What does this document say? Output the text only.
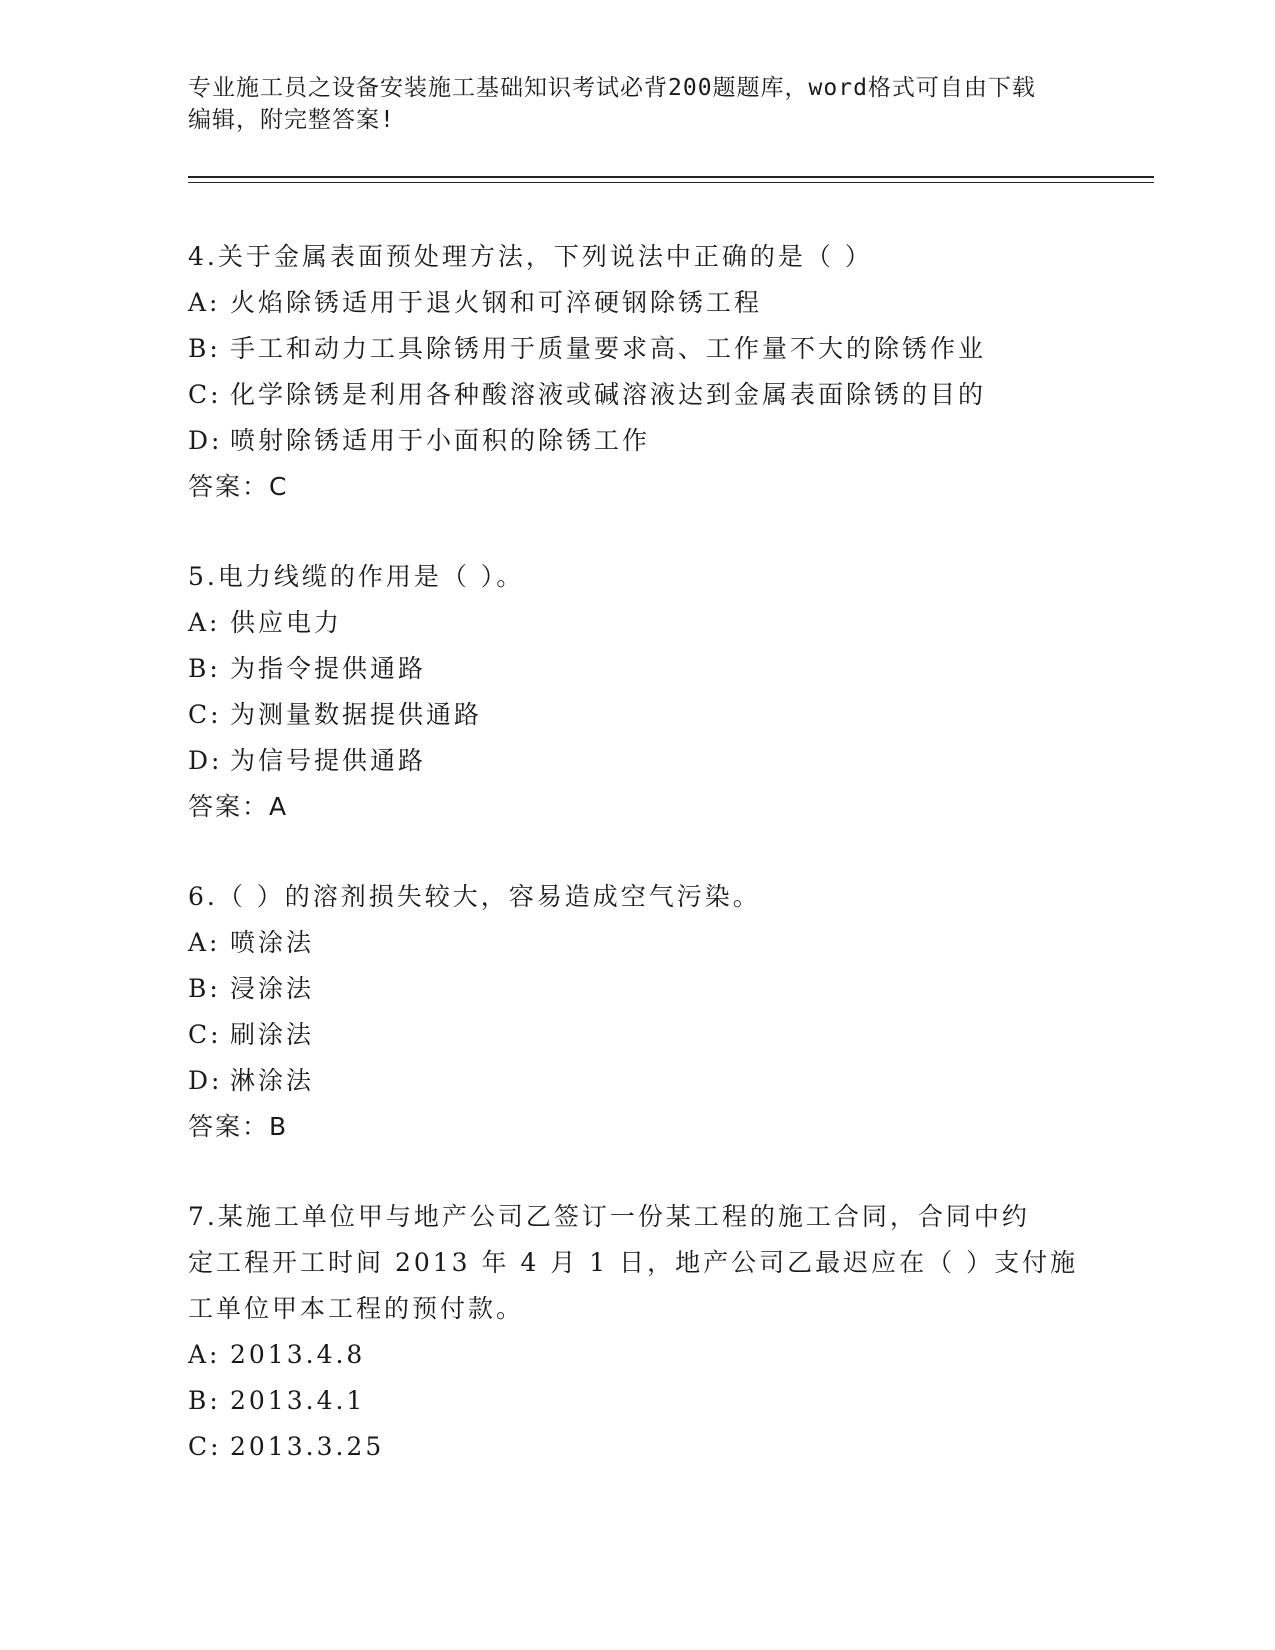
专业施工员之设备安装施工基础知识考试必背200题题库，word格式可自由下载
编辑，附完整答案!
4.关于金属表面预处理方法，下列说法中正确的是（ ）
A: 火焰除锈适用于退火钢和可淬硬钢除锈工程
B: 手工和动力工具除锈用于质量要求高、工作量不大的除锈作业
C: 化学除锈是利用各种酸溶液或碱溶液达到金属表面除锈的目的
D: 喷射除锈适用于小面积的除锈工作
答案：C
5.电力线缆的作用是（ ）。
A: 供应电力
B: 为指令提供通路
C: 为测量数据提供通路
D: 为信号提供通路
答案：A
6.（ ）的溶剂损失较大，容易造成空气污染。
A: 喷涂法
B: 浸涂法
C: 刷涂法
D: 淋涂法
答案：B
7.某施工单位甲与地产公司乙签订一份某工程的施工合同，合同中约
定工程开工时间 2013 年 4 月 1 日，地产公司乙最迟应在（ ）支付施
工单位甲本工程的预付款。
A: 2013.4.8
B: 2013.4.1
C: 2013.3.25
